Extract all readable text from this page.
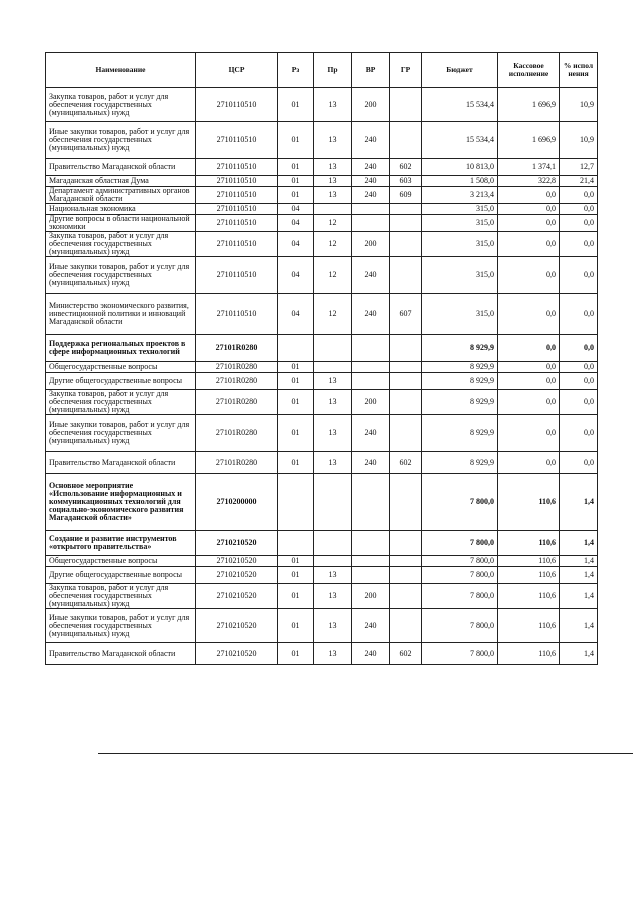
Наименование	ЦСР	Рз	Пр	ВР	ГР	Бюджет	Кассовое исполнение	% испол нения
Закупка товаров, работ и услуг для обеспечения государственных (муниципальных) нужд	2710110510	01	13	200		15 534,4	1 696,9	10,9
Иные закупки товаров, работ и услуг для обеспечения государственных (муниципальных) нужд	2710110510	01	13	240		15 534,4	1 696,9	10,9
Правительство Магаданской области	2710110510	01	13	240	602	10 813,0	1 374,1	12,7
Магаданская областная Дума	2710110510	01	13	240	603	1 508,0	322,8	21,4
Департамент административных органов Магаданской области	2710110510	01	13	240	609	3 213,4	0,0	0,0
Национальная экономика	2710110510	04				315,0	0,0	0,0
Другие вопросы в области национальной экономики	2710110510	04	12			315,0	0,0	0,0
Закупка товаров, работ и услуг для обеспечения государственных (муниципальных) нужд	2710110510	04	12	200		315,0	0,0	0,0
Иные закупки товаров, работ и услуг для обеспечения государственных (муниципальных) нужд	2710110510	04	12	240		315,0	0,0	0,0
Министерство экономического развития, инвестиционной политики и инноваций Магаданской области	2710110510	04	12	240	607	315,0	0,0	0,0
Поддержка региональных проектов в сфере информационных технологий	27101R0280					8 929,9	0,0	0,0
Общегосударственные вопросы	27101R0280	01				8 929,9	0,0	0,0
Другие общегосударственные вопросы	27101R0280	01	13			8 929,9	0,0	0,0
Закупка товаров, работ и услуг для обеспечения государственных (муниципальных) нужд	27101R0280	01	13	200		8 929,9	0,0	0,0
Иные закупки товаров, работ и услуг для обеспечения государственных (муниципальных) нужд	27101R0280	01	13	240		8 929,9	0,0	0,0
Правительство Магаданской области	27101R0280	01	13	240	602	8 929,9	0,0	0,0
Основное мероприятие «Использование информационных и коммуникационных технологий для социально-экономического развития Магаданской области»	2710200000					7 800,0	110,6	1,4
Создание и развитие инструментов «открытого правительства»	2710210520					7 800,0	110,6	1,4
Общегосударственные вопросы	2710210520	01				7 800,0	110,6	1,4
Другие общегосударственные вопросы	2710210520	01	13			7 800,0	110,6	1,4
Закупка товаров, работ и услуг для обеспечения государственных (муниципальных) нужд	2710210520	01	13	200		7 800,0	110,6	1,4
Иные закупки товаров, работ и услуг для обеспечения государственных (муниципальных) нужд	2710210520	01	13	240		7 800,0	110,6	1,4
Правительство Магаданской области	2710210520	01	13	240	602	7 800,0	110,6	1,4
